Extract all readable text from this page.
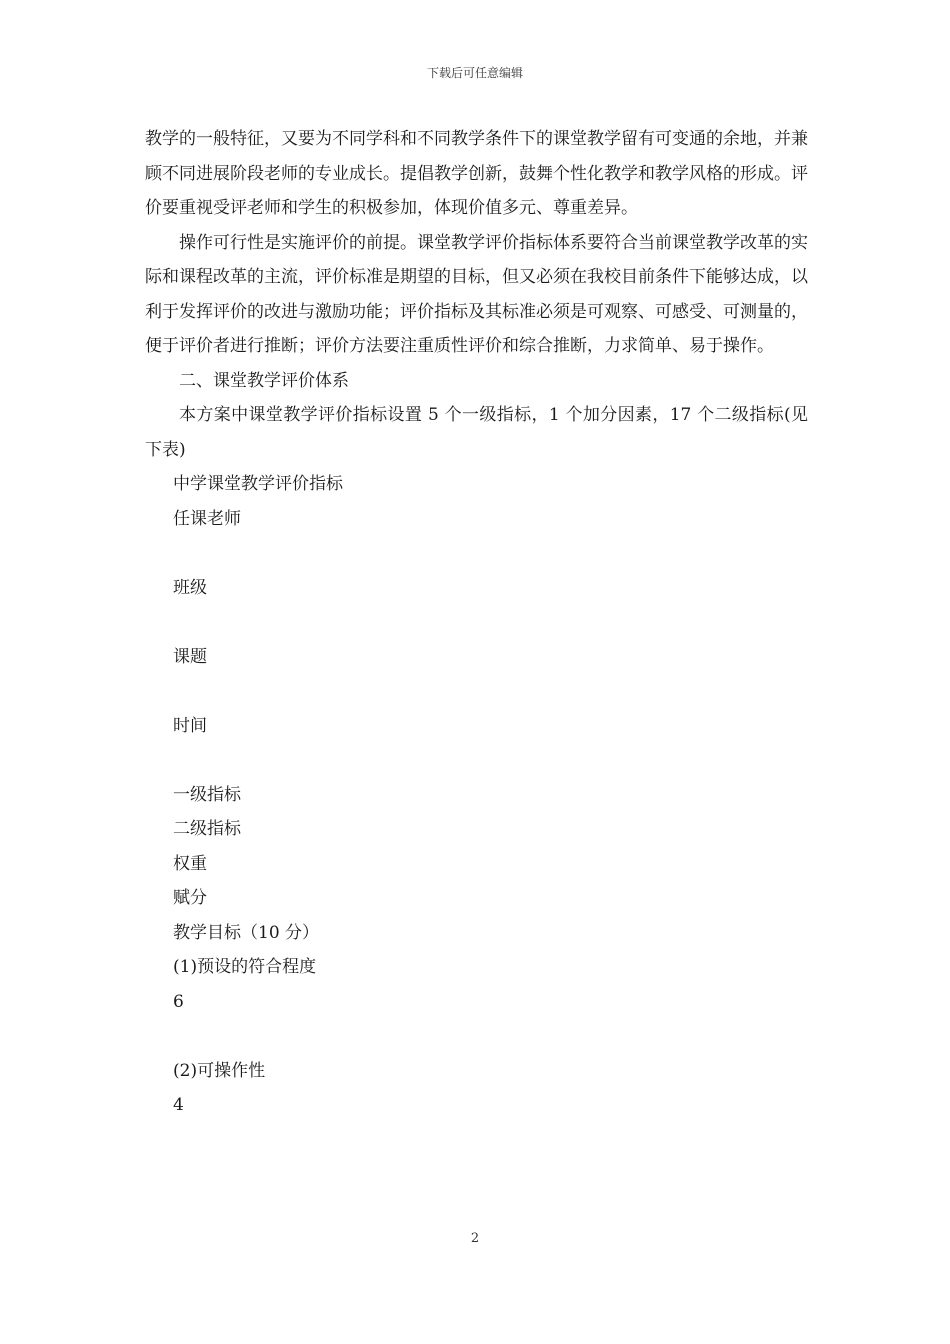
下载后可任意编辑

教学的一般特征，又要为不同学科和不同教学条件下的课堂教学留有可变通的余地，并兼顾不同进展阶段老师的专业成长。提倡教学创新，鼓舞个性化教学和教学风格的形成。评价要重视受评老师和学生的积极参加，体现价值多元、尊重差异。

操作可行性是实施评价的前提。课堂教学评价指标体系要符合当前课堂教学改革的实际和课程改革的主流，评价标准是期望的目标，但又必须在我校目前条件下能够达成，以利于发挥评价的改进与激励功能；评价指标及其标准必须是可观察、可感受、可测量的，便于评价者进行推断；评价方法要注重质性评价和综合推断，力求简单、易于操作。

二、课堂教学评价体系

本方案中课堂教学评价指标设置 5 个一级指标，1 个加分因素，17 个二级指标(见下表)

中学课堂教学评价指标
任课老师
班级
课题
时间
一级指标
二级指标
权重
赋分
教学目标（10 分）
(1)预设的符合程度
6
(2)可操作性
4
2
